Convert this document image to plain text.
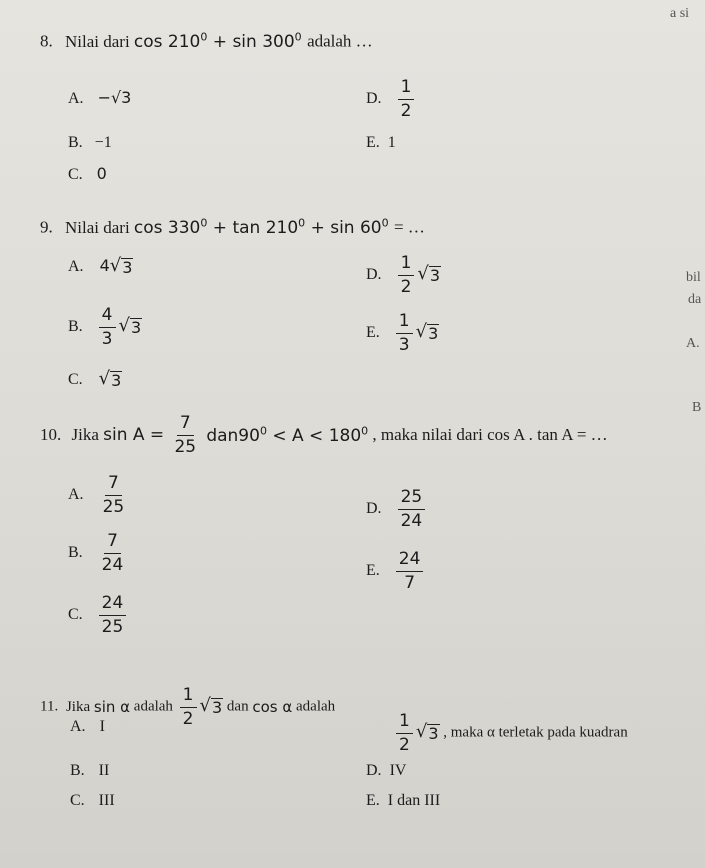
a si
bil
da
A.
B
8. Nilai dari $\cos 210^0 + \sin 300^0$ adalah …
A. −√3	D. $\frac{1}{2}$
B. −1	E. 1
C. 0
9. Nilai dari $\cos 330^0 + \tan 210^0 + \sin 60^0$ = …
A. 4 √ 3	D. $\frac{1}{2}$ √ 3
B. $\frac{4}{3}$ √ 3	E. $\frac{1}{3}$ √ 3
C. √ 3
10. Jika $\sin A = \frac{7}{25} dan90^0 < A < 180^0$ , maka nilai dari cos A . tan A = …
A. $\frac{7}{25}$	D. $\frac{25}{24}$
B. $\frac{7}{24}$	E. $\frac{24}{7}$
C. $\frac{24}{25}$
11. Jika sin α adalah $\frac{1}{2}$ √ 3 dan cos α adalah
$\frac{1}{2}$ √ 3 , maka α terletak pada kuadran
A. I
B. II	D. IV
C. III	E. I dan III
